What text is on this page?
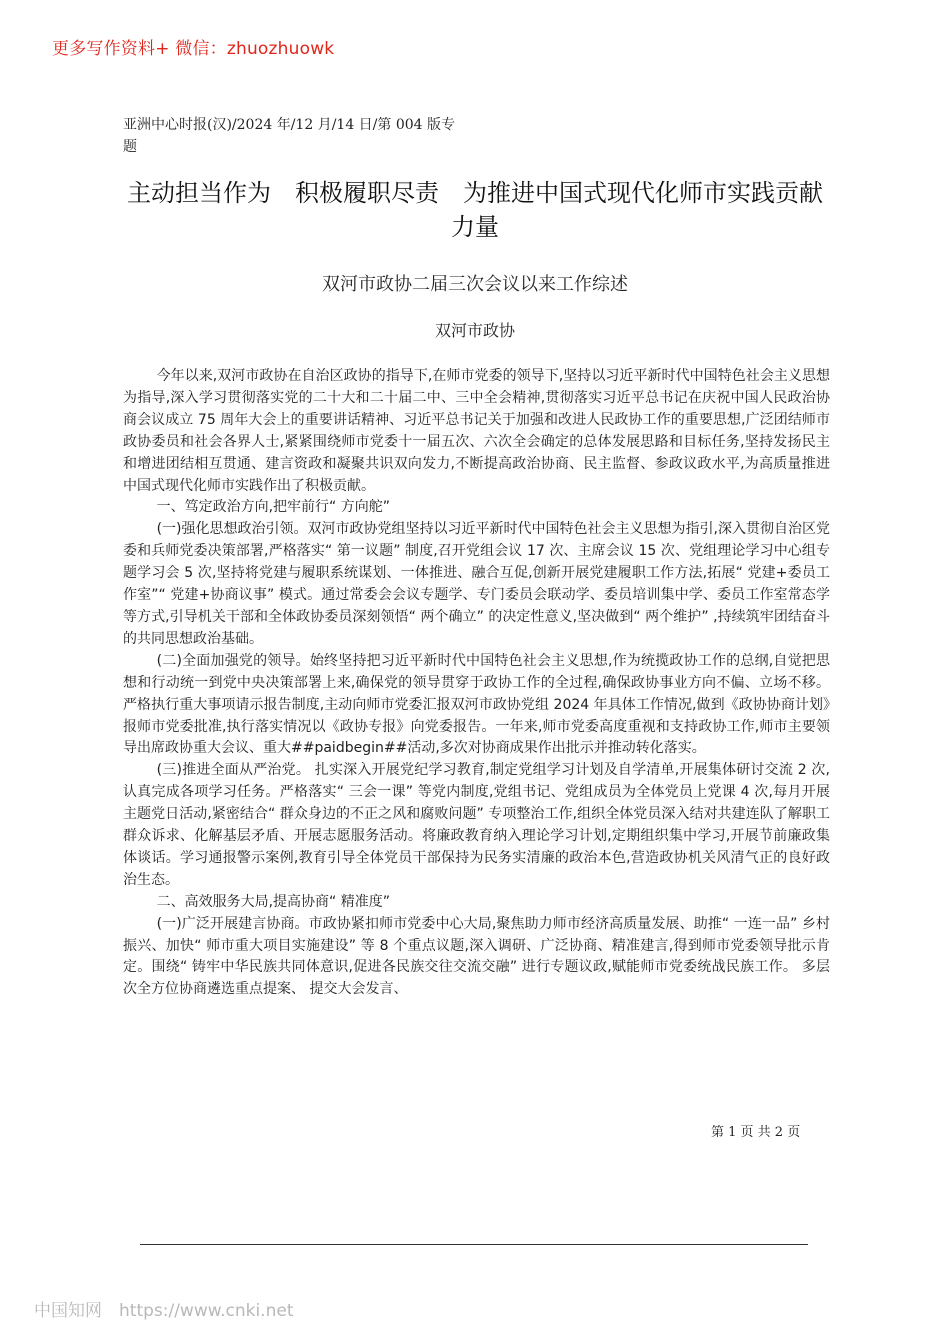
更多写作资料+ 微信：zhuozhuowk
亚洲中心时报(汉)/2024 年/12 月/14 日/第 004 版专题
主动担当作为　积极履职尽责　为推进中国式现代化师市实践贡献力量
双河市政协二届三次会议以来工作综述
双河市政协

今年以来,双河市政协在自治区政协的指导下,在师市党委的领导下,坚持以习近平新时代中国特色社会主义思想为指导,深入学习贯彻落实党的二十大和二十届二中、三中全会精神,贯彻落实习近平总书记在庆祝中国人民政治协商会议成立 75 周年大会上的重要讲话精神、习近平总书记关于加强和改进人民政协工作的重要思想,广泛团结师市政协委员和社会各界人士,紧紧围绕师市党委十一届五次、六次全会确定的总体发展思路和目标任务,坚持发扬民主和增进团结相互贯通、建言资政和凝聚共识双向发力,不断提高政治协商、民主监督、参政议政水平,为高质量推进中国式现代化师市实践作出了积极贡献。

一、笃定政治方向,把牢前行“ 方向舵”

(一)强化思想政治引领。双河市政协党组坚持以习近平新时代中国特色社会主义思想为指引,深入贯彻自治区党委和兵师党委决策部署,严格落实“ 第一议题” 制度,召开党组会议 17 次、主席会议 15 次、党组理论学习中心组专题学习会 5 次,坚持将党建与履职系统谋划、一体推进、融合互促,创新开展党建履职工作方法,拓展“ 党建+委员工作室”“ 党建+协商议事” 模式。通过常委会会议专题学、专门委员会联动学、委员培训集中学、委员工作室常态学等方式,引导机关干部和全体政协委员深刻领悟“ 两个确立” 的决定性意义,坚决做到“ 两个维护” ,持续筑牢团结奋斗的共同思想政治基础。

(二)全面加强党的领导。始终坚持把习近平新时代中国特色社会主义思想,作为统揽政协工作的总纲,自觉把思想和行动统一到党中央决策部署上来,确保党的领导贯穿于政协工作的全过程,确保政协事业方向不偏、立场不移。严格执行重大事项请示报告制度,主动向师市党委汇报双河市政协党组 2024 年具体工作情况,做到《政协协商计划》报师市党委批准,执行落实情况以《政协专报》向党委报告。一年来,师市党委高度重视和支持政协工作,师市主要领导出席政协重大会议、重大##paidbegin##活动,多次对协商成果作出批示并推动转化落实。

(三)推进全面从严治党。 扎实深入开展党纪学习教育,制定党组学习计划及自学清单,开展集体研讨交流 2 次,认真完成各项学习任务。严格落实“ 三会一课” 等党内制度,党组书记、党组成员为全体党员上党课 4 次,每月开展主题党日活动,紧密结合“ 群众身边的不正之风和腐败问题” 专项整治工作,组织全体党员深入结对共建连队了解职工群众诉求、化解基层矛盾、开展志愿服务活动。将廉政教育纳入理论学习计划,定期组织集中学习,开展节前廉政集体谈话。学习通报警示案例,教育引导全体党员干部保持为民务实清廉的政治本色,营造政协机关风清气正的良好政治生态。

二、高效服务大局,提高协商“ 精准度”

(一)广泛开展建言协商。市政协紧扣师市党委中心大局,聚焦助力师市经济高质量发展、助推“ 一连一品” 乡村振兴、加快“ 师市重大项目实施建设” 等 8 个重点议题,深入调研、广泛协商、精准建言,得到师市党委领导批示肯定。围绕“ 铸牢中华民族共同体意识,促进各民族交往交流交融” 进行专题议政,赋能师市党委统战民族工作。 多层次全方位协商遴选重点提案、 提交大会发言、

第 1 页 共 2 页
中国知网　https://www.cnki.net
